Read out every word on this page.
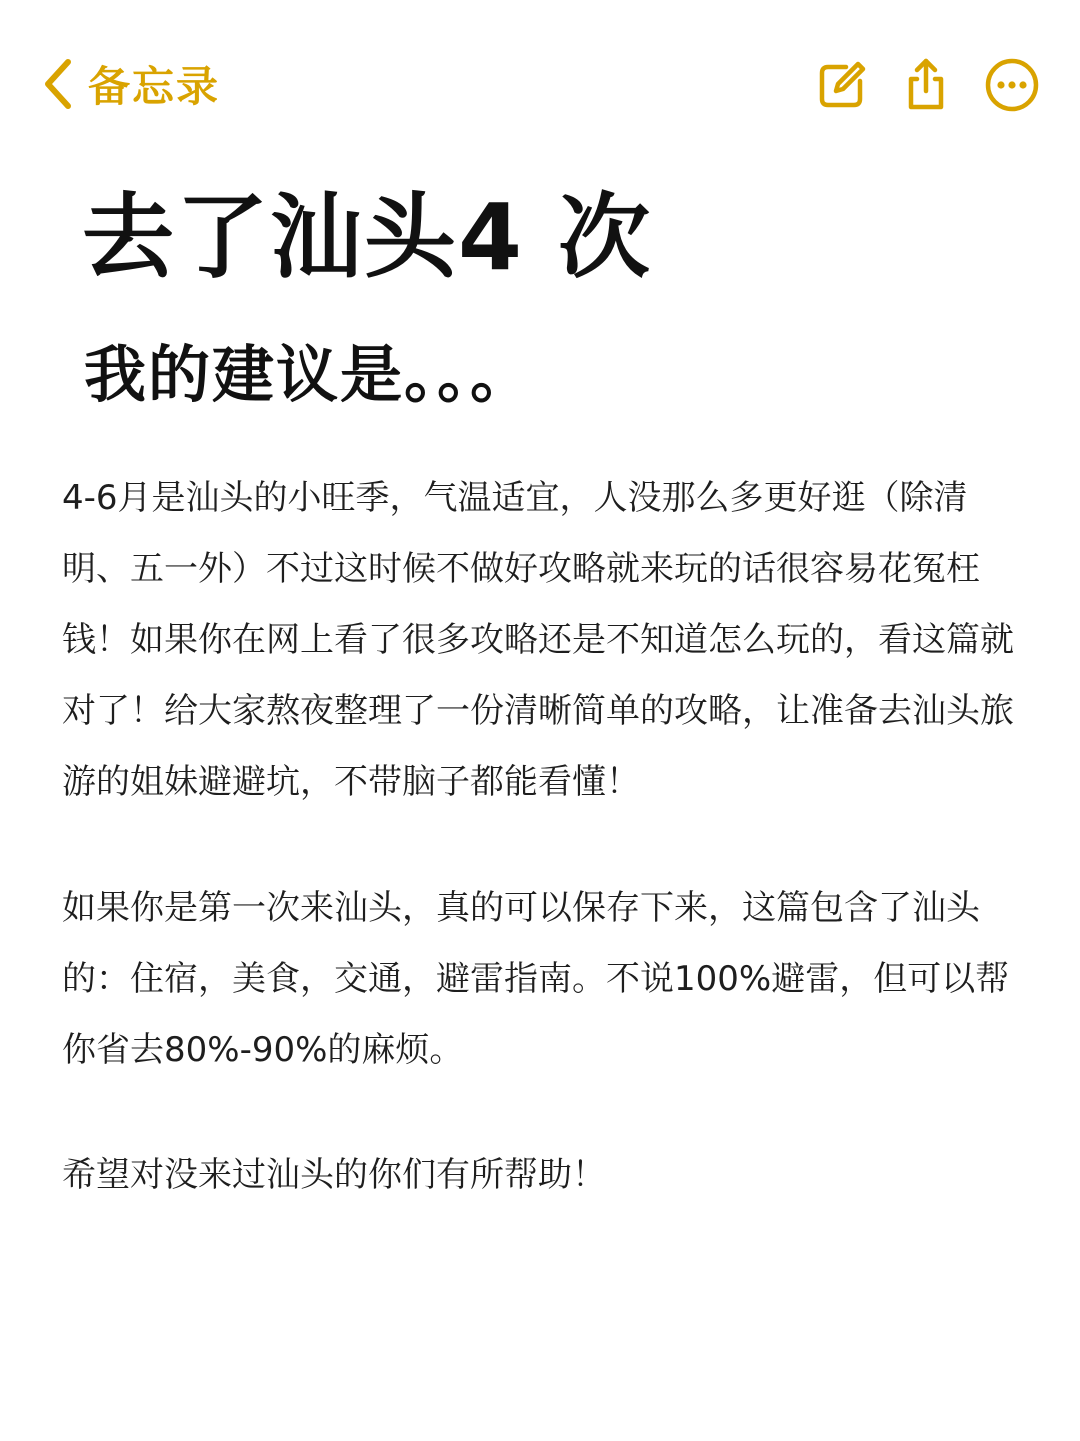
备忘录
去了汕头4 次
我的建议是。。。

4-6月是汕头的小旺季，气温适宜，人没那么多更好逛（除清明、五一外）不过这时候不做好攻略就来玩的话很容易花冤枉钱！如果你在网上看了很多攻略还是不知道怎么玩的，看这篇就对了！给大家熬夜整理了一份清晰简单的攻略，让准备去汕头旅游的姐妹避避坑，不带脑子都能看懂！

如果你是第一次来汕头，真的可以保存下来，这篇包含了汕头的：住宿，美食，交通，避雷指南。不说100%避雷，但可以帮你省去80%-90%的麻烦。

希望对没来过汕头的你们有所帮助！
